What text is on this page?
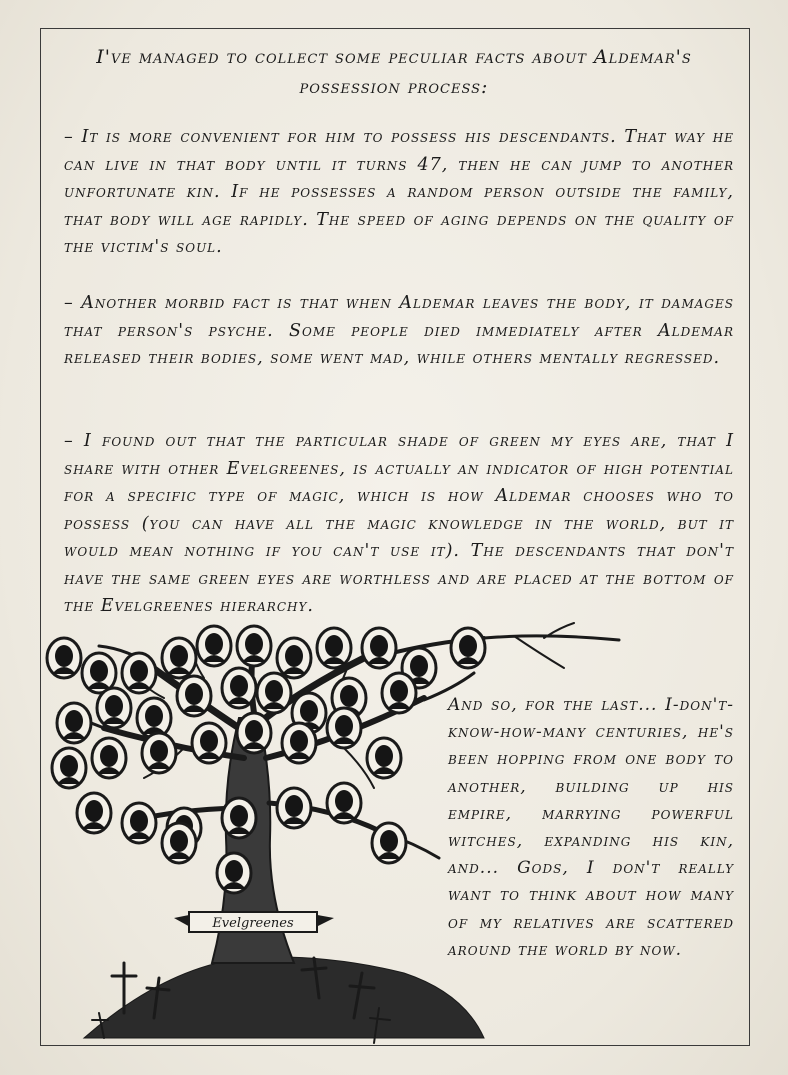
I've managed to collect some peculiar facts about Aldemar's possession process:
– It is more convenient for him to possess his descendants. That way he can live in that body until it turns 47, then he can jump to another unfortunate kin. If he possesses a random person outside the family, that body will age rapidly. The speed of aging depends on the quality of the victim's soul.
– Another morbid fact is that when Aldemar leaves the body, it damages that person's psyche. Some people died immediately after Aldemar released their bodies, some went mad, while others mentally regressed.
– I found out that the particular shade of green my eyes are, that I share with other Evelgreenes, is actually an indicator of high potential for a specific type of magic, which is how Aldemar chooses who to possess (you can have all the magic knowledge in the world, but it would mean nothing if you can't use it). The descendants that don't have the same green eyes are worthless and are placed at the bottom of the Evelgreenes hierarchy.
And so, for the last... I-don't-know-how-many centuries, he's been hopping from one body to another, building up his empire, marrying powerful witches, expanding his kin, and... Gods, I don't really want to think about how many of my relatives are scattered around the world by now.
Evelgreenes
